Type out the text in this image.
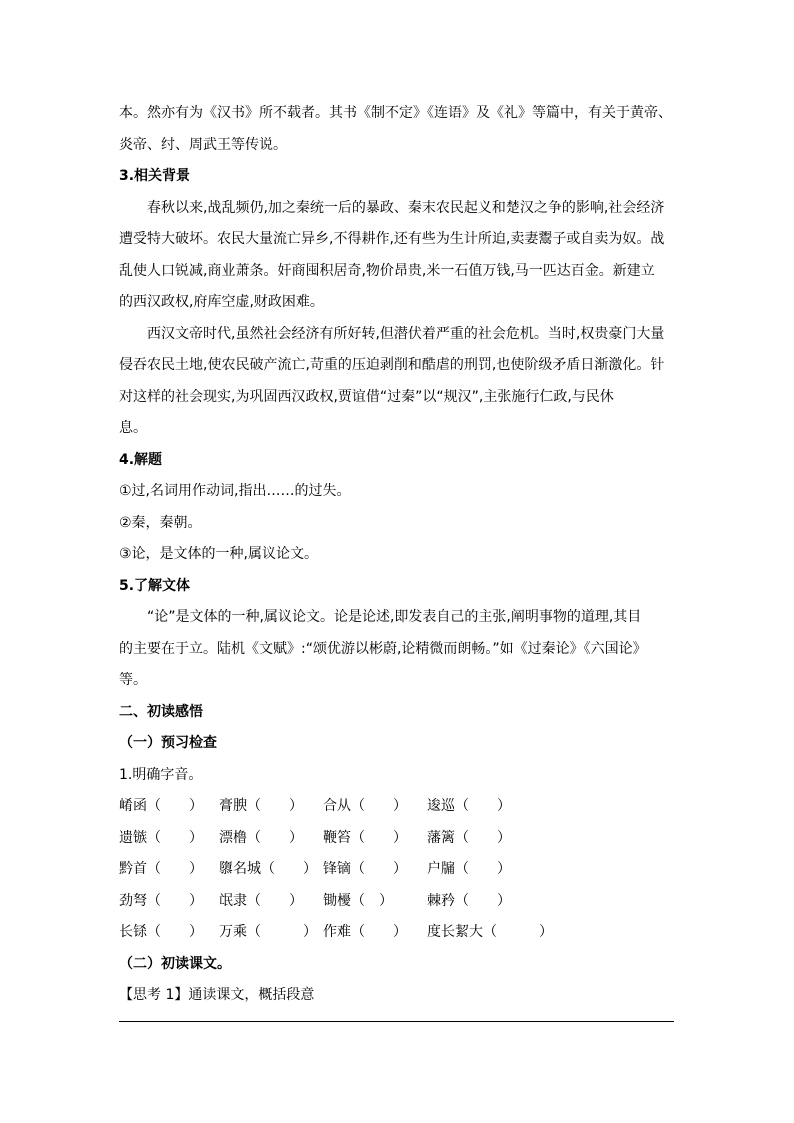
本。然亦有为《汉书》所不载者。其书《制不定》《连语》及《礼》等篇中，有关于黄帝、

炎帝、纣、周武王等传说。

3.相关背景

春秋以来,战乱频仍,加之秦统一后的暴政、秦末农民起义和楚汉之争的影响,社会经济

遭受特大破坏。农民大量流亡异乡,不得耕作,还有些为生计所迫,卖妻鬻子或自卖为奴。战

乱使人口锐减,商业萧条。奸商囤积居奇,物价昂贵,米一石值万钱,马一匹达百金。新建立

的西汉政权,府库空虚,财政困难。

西汉文帝时代,虽然社会经济有所好转,但潜伏着严重的社会危机。当时,权贵豪门大量

侵吞农民土地,使农民破产流亡,苛重的压迫剥削和酷虐的刑罚,也使阶级矛盾日渐激化。针

对这样的社会现实,为巩固西汉政权,贾谊借“过秦”以“规汉”,主张施行仁政,与民休

息。

4.解题

①过,名词用作动词,指出……的过失。

②秦，秦朝。

③论，是文体的一种,属议论文。

5.了解文体

“论”是文体的一种,属议论文。论是论述,即发表自己的主张,阐明事物的道理,其目

的主要在于立。陆机《文赋》:“颂优游以彬蔚,论精微而朗畅。”如《过秦论》《六国论》

等。

二、初读感悟

（一）预习检查

1.明确字音。

崤函（　　） 膏腴（　　） 合从（　　） 逡巡（　　）
遗镞（　　） 漂橹（　　） 鞭笞（　　） 藩篱（　　）
黔首（　　） 隳名城（　　） 锋镝（　　） 户牖（　　）
劲弩（　　） 氓隶（　　） 锄櫌（　） 棘矜（　　）
长铩（　　） 万乘（　　　） 作难（　　） 度长絜大（　　　）

（二）初读课文。

【思考 1】通读课文，概括段意
